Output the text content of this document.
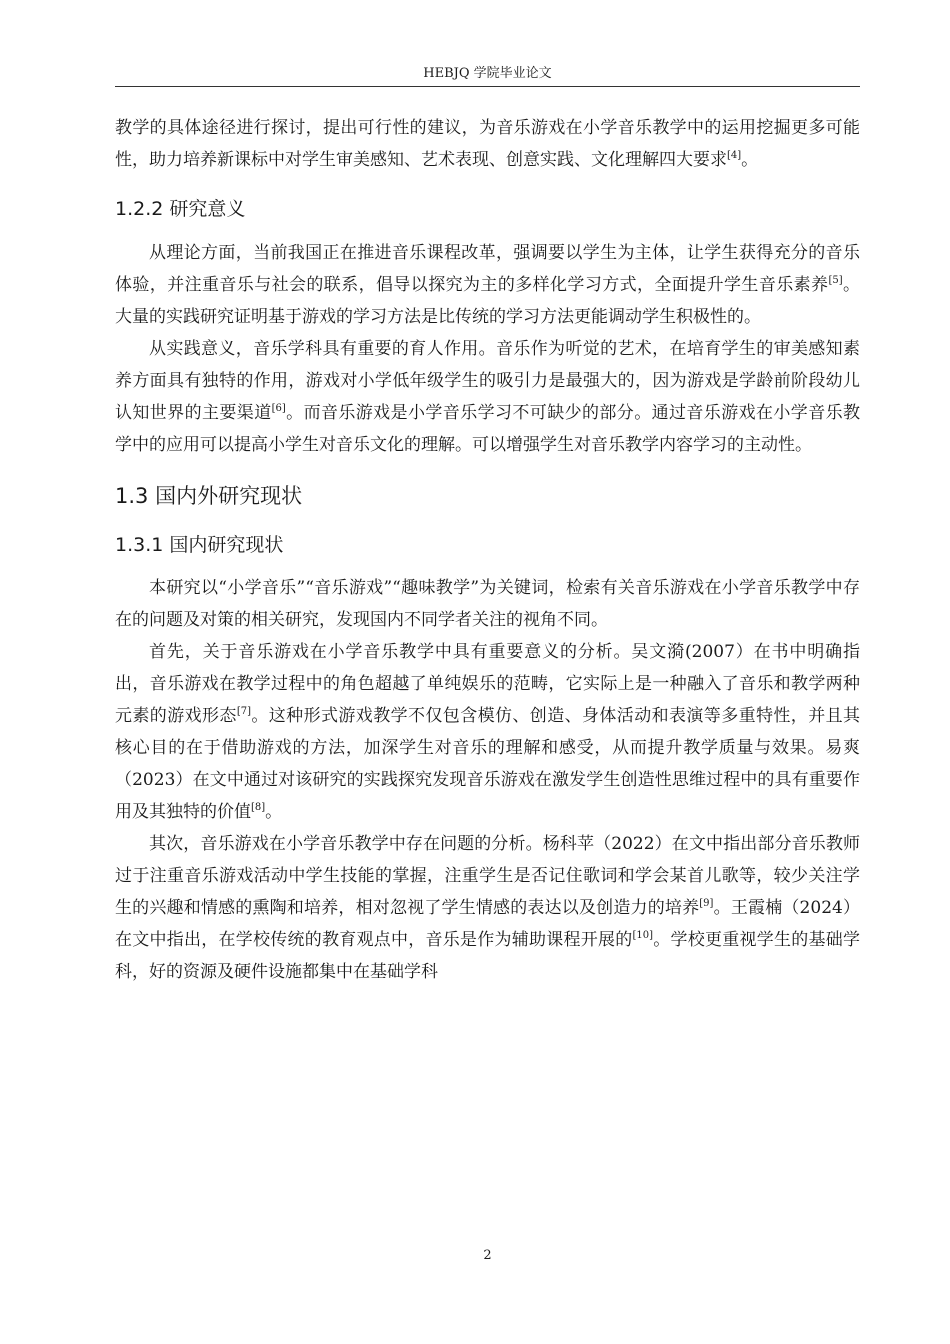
HEBJQ 学院毕业论文

教学的具体途径进行探讨，提出可行性的建议，为音乐游戏在小学音乐教学中的运用挖掘更多可能性，助力培养新课标中对学生审美感知、艺术表现、创意实践、文化理解四大要求[4]。

1.2.2 研究意义

从理论方面，当前我国正在推进音乐课程改革，强调要以学生为主体，让学生获得充分的音乐体验，并注重音乐与社会的联系，倡导以探究为主的多样化学习方式，全面提升学生音乐素养[5]。大量的实践研究证明基于游戏的学习方法是比传统的学习方法更能调动学生积极性的。

从实践意义，音乐学科具有重要的育人作用。音乐作为听觉的艺术，在培育学生的审美感知素养方面具有独特的作用，游戏对小学低年级学生的吸引力是最强大的，因为游戏是学龄前阶段幼儿认知世界的主要渠道[6]。而音乐游戏是小学音乐学习不可缺少的部分。通过音乐游戏在小学音乐教学中的应用可以提高小学生对音乐文化的理解。可以增强学生对音乐教学内容学习的主动性。

1.3 国内外研究现状
1.3.1 国内研究现状

本研究以“小学音乐”“音乐游戏”“趣味教学”为关键词，检索有关音乐游戏在小学音乐教学中存在的问题及对策的相关研究，发现国内不同学者关注的视角不同。

首先，关于音乐游戏在小学音乐教学中具有重要意义的分析。吴文漪(2007）在书中明确指出，音乐游戏在教学过程中的角色超越了单纯娱乐的范畴，它实际上是一种融入了音乐和教学两种元素的游戏形态[7]。这种形式游戏教学不仅包含模仿、创造、身体活动和表演等多重特性，并且其核心目的在于借助游戏的方法，加深学生对音乐的理解和感受，从而提升教学质量与效果。易爽（2023）在文中通过对该研究的实践探究发现音乐游戏在激发学生创造性思维过程中的具有重要作用及其独特的价值[8]。

其次，音乐游戏在小学音乐教学中存在问题的分析。杨科苹（2022）在文中指出部分音乐教师过于注重音乐游戏活动中学生技能的掌握，注重学生是否记住歌词和学会某首儿歌等，较少关注学生的兴趣和情感的熏陶和培养，相对忽视了学生情感的表达以及创造力的培养[9]。王霞楠（2024）在文中指出，在学校传统的教育观点中，音乐是作为辅助课程开展的[10]。学校更重视学生的基础学科，好的资源及硬件设施都集中在基础学科

2
